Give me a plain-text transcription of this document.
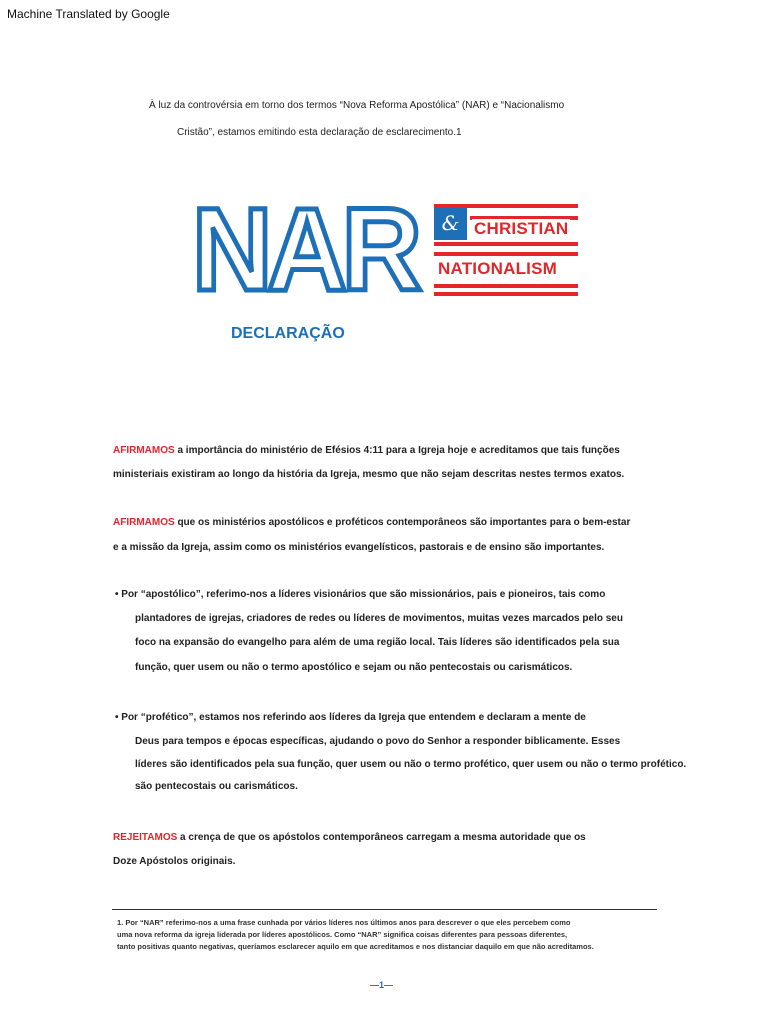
Machine Translated by Google
À luz da controvérsia em torno dos termos “Nova Reforma Apostólica” (NAR) e “Nacionalismo
Cristão”, estamos emitindo esta declaração de esclarecimento.1
NAR	& CHRISTIAN
NATIONALISM
DECLARAÇÃO
AFIRMAMOS a importância do ministério de Efésios 4:11 para a Igreja hoje e acreditamos que tais funções
ministeriais existiram ao longo da história da Igreja, mesmo que não sejam descritas nestes termos exatos.
AFIRMAMOS que os ministérios apostólicos e proféticos contemporâneos são importantes para o bem-estar
e a missão da Igreja, assim como os ministérios evangelísticos, pastorais e de ensino são importantes.
• Por “apostólico”, referimo-nos a líderes visionários que são missionários, pais e pioneiros, tais como
plantadores de igrejas, criadores de redes ou líderes de movimentos, muitas vezes marcados pelo seu
foco na expansão do evangelho para além de uma região local. Tais líderes são identificados pela sua
função, quer usem ou não o termo apostólico e sejam ou não pentecostais ou carismáticos.
• Por “profético”, estamos nos referindo aos líderes da Igreja que entendem e declaram a mente de
Deus para tempos e épocas específicas, ajudando o povo do Senhor a responder biblicamente. Esses
líderes são identificados pela sua função, quer usem ou não o termo profético, quer usem ou não o termo profético.
são pentecostais ou carismáticos.
REJEITAMOS a crença de que os apóstolos contemporâneos carregam a mesma autoridade que os
Doze Apóstolos originais.
1. Por “NAR” referimo-nos a uma frase cunhada por vários líderes nos últimos anos para descrever o que eles percebem como
uma nova reforma da igreja liderada por líderes apostólicos. Como “NAR” significa coisas diferentes para pessoas diferentes,
tanto positivas quanto negativas, queríamos esclarecer aquilo em que acreditamos e nos distanciar daquilo em que não acreditamos.
—1—
